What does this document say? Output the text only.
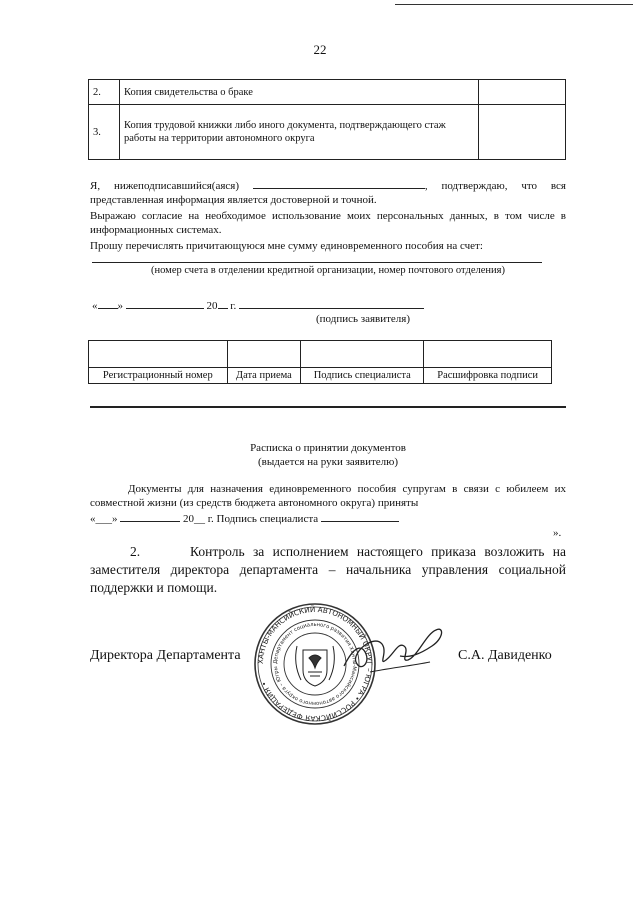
22
2.	Копия свидетельства о браке	
3.	Копия трудовой книжки либо иного документа, подтверждающего стаж работы на территории автономного округа	
Я, нижеподписавшийся(аяся)	, подтверждаю, что вся представленная информация является достоверной и точной.
Выражаю согласие на необходимое использование моих персональных данных, в том числе в информационных системах.
Прошу перечислять причитающуюся мне сумму единовременного пособия на счет:
(номер счета в отделении кредитной организации, номер почтового отделения)
« »	20 г.
(подпись заявителя)

Регистрационный номер	Дата приема	Подпись специалиста	Расшифровка подписи
Расписка о принятии документов
(выдается на руки заявителю)
Документы для назначения единовременного пособия супругам в связи с юбилеем их совместной жизни (из средств бюджета автономного округа) приняты
«___»	20__ г. Подпись специалиста
».
2.	Контроль за исполнением настоящего приказа возложить на заместителя директора департамента – начальника управления социальной поддержки и помощи.
Директора Департамента	С.А. Давиденко
ХАНТЫ-МАНСИЙСКИЙ АВТОНОМНЫЙ ОКРУГ – ЮГРА • РОССИЙСКАЯ ФЕДЕРАЦИЯ •
Департамент социального развития Ханты-Мансийского автономного округа – Югры
